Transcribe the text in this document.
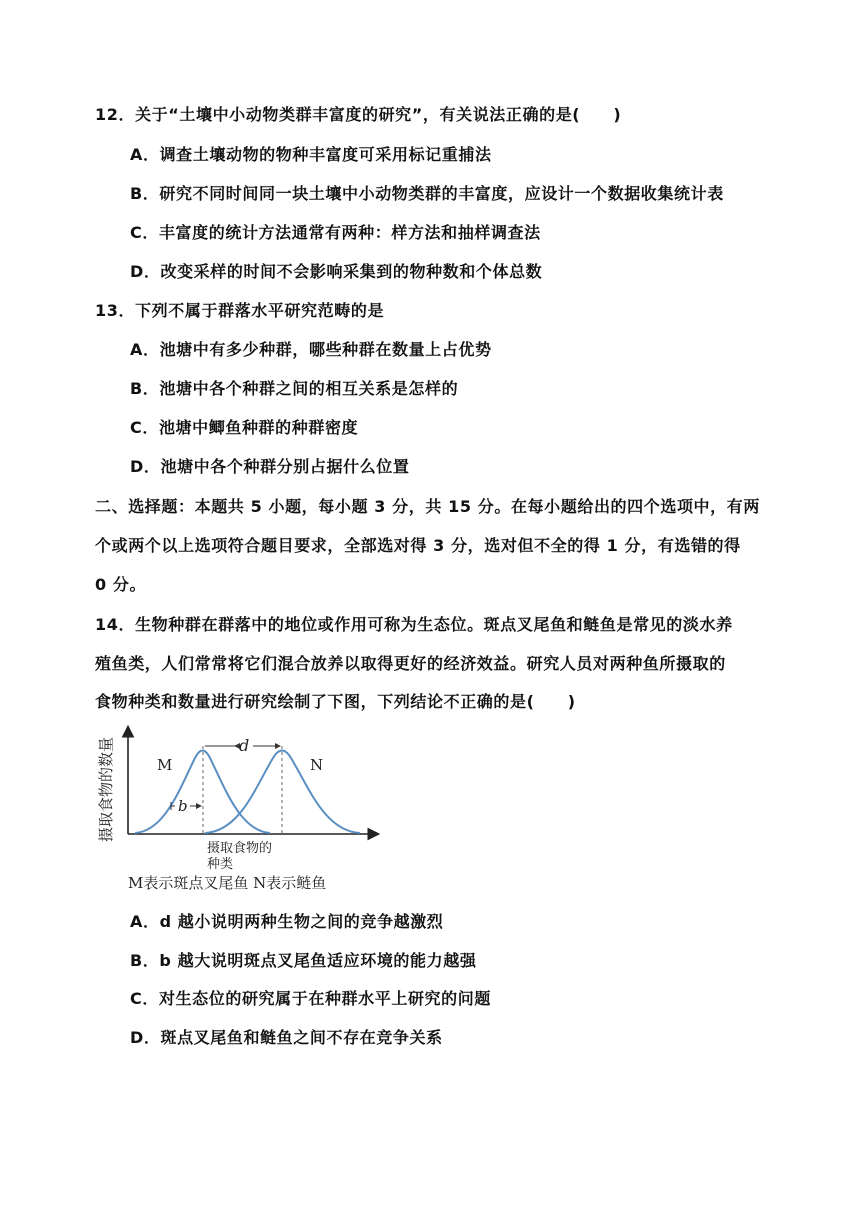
12．关于“土壤中小动物类群丰富度的研究”，有关说法正确的是(　　)
A．调查土壤动物的物种丰富度可采用标记重捕法
B．研究不同时间同一块土壤中小动物类群的丰富度，应设计一个数据收集统计表
C．丰富度的统计方法通常有两种：样方法和抽样调查法
D．改变采样的时间不会影响采集到的物种数和个体总数
13．下列不属于群落水平研究范畴的是
A．池塘中有多少种群，哪些种群在数量上占优势
B．池塘中各个种群之间的相互关系是怎样的
C．池塘中鲫鱼种群的种群密度
D．池塘中各个种群分别占据什么位置
二、选择题：本题共 5 小题，每小题 3 分，共 15 分。在每小题给出的四个选项中，有两
个或两个以上选项符合题目要求，全部选对得 3 分，选对但不全的得 1 分，有选错的得
0 分。
14．生物种群在群落中的地位或作用可称为生态位。斑点叉尾鱼和鲢鱼是常见的淡水养
殖鱼类，人们常常将它们混合放养以取得更好的经济效益。研究人员对两种鱼所摄取的
食物种类和数量进行研究绘制了下图，下列结论不正确的是(　　)
d
b
M	N
摄取食物的数量
摄取食物的
种类
M表示斑点叉尾鱼 N表示鲢鱼
A．d 越小说明两种生物之间的竞争越激烈
B．b 越大说明斑点叉尾鱼适应环境的能力越强
C．对生态位的研究属于在种群水平上研究的问题
D．斑点叉尾鱼和鲢鱼之间不存在竞争关系
